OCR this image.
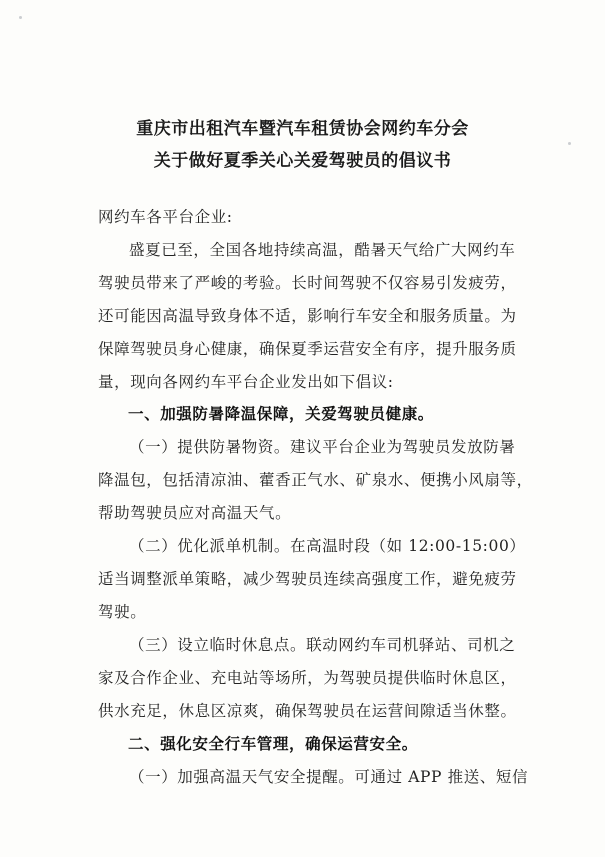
重庆市出租汽车暨汽车租赁协会网约车分会
关于做好夏季关心关爱驾驶员的倡议书
网约车各平台企业:
盛夏已至，全国各地持续高温，酷暑天气给广大网约车
驾驶员带来了严峻的考验。长时间驾驶不仅容易引发疲劳，
还可能因高温导致身体不适，影响行车安全和服务质量。为
保障驾驶员身心健康，确保夏季运营安全有序，提升服务质
量，现向各网约车平台企业发出如下倡议:
一、加强防暑降温保障，关爱驾驶员健康。
（一）提供防暑物资。建议平台企业为驾驶员发放防暑
降温包，包括清凉油、藿香正气水、矿泉水、便携小风扇等，
帮助驾驶员应对高温天气。
（二）优化派单机制。在高温时段（如 12:00-15:00）
适当调整派单策略，减少驾驶员连续高强度工作，避免疲劳
驾驶。
（三）设立临时休息点。联动网约车司机驿站、司机之
家及合作企业、充电站等场所，为驾驶员提供临时休息区，
供水充足，休息区凉爽，确保驾驶员在运营间隙适当休整。
二、强化安全行车管理，确保运营安全。
（一）加强高温天气安全提醒。可通过 APP 推送、短信
